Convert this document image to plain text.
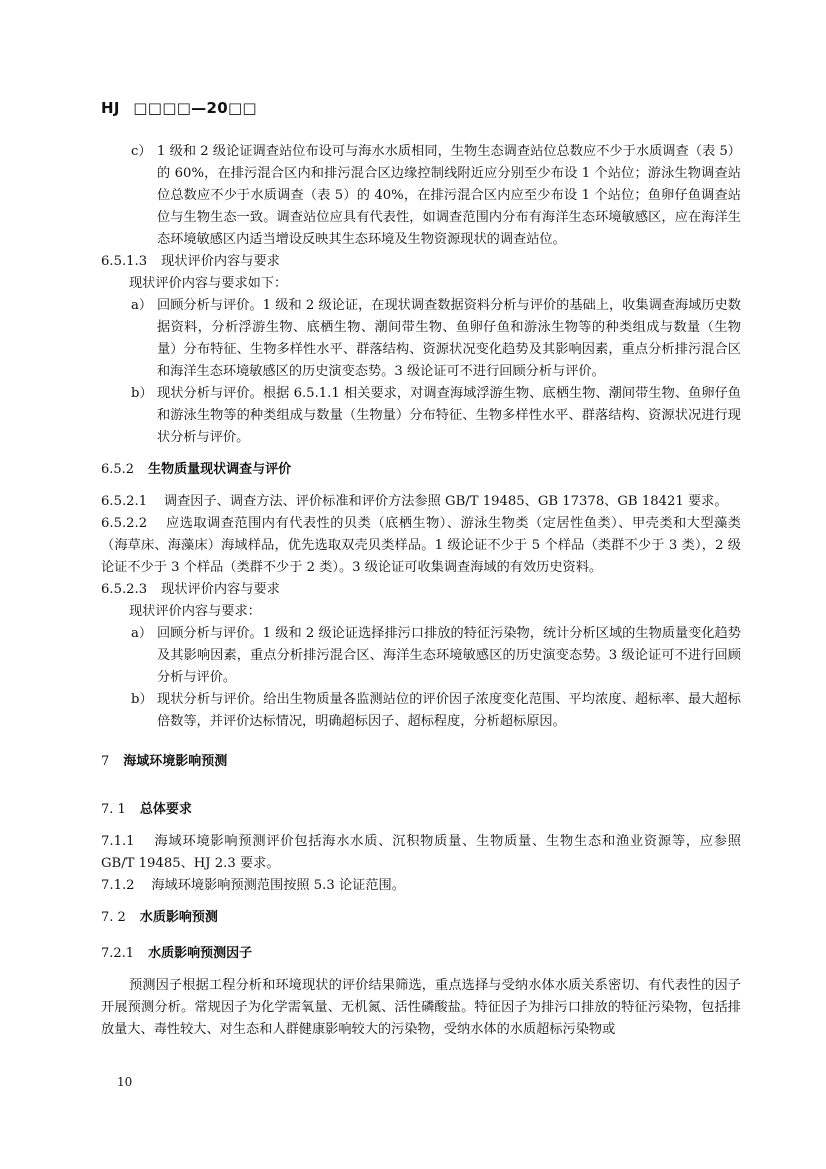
HJ □□□□—20□□
c） 1 级和 2 级论证调查站位布设可与海水水质相同，生物生态调查站位总数应不少于水质调查（表 5）的 60%，在排污混合区内和排污混合区边缘控制线附近应分别至少布设 1 个站位；游泳生物调查站位总数应不少于水质调查（表 5）的 40%，在排污混合区内应至少布设 1 个站位；鱼卵仔鱼调查站位与生物生态一致。调查站位应具有代表性，如调查范围内分布有海洋生态环境敏感区，应在海洋生态环境敏感区内适当增设反映其生态环境及生物资源现状的调查站位。
6.5.1.3 现状评价内容与要求

现状评价内容与要求如下：

a） 回顾分析与评价。1 级和 2 级论证，在现状调查数据资料分析与评价的基础上，收集调查海域历史数据资料，分析浮游生物、底栖生物、潮间带生物、鱼卵仔鱼和游泳生物等的种类组成与数量（生物量）分布特征、生物多样性水平、群落结构、资源状况变化趋势及其影响因素，重点分析排污混合区和海洋生态环境敏感区的历史演变态势。3 级论证可不进行回顾分析与评价。
b） 现状分析与评价。根据 6.5.1.1 相关要求，对调查海域浮游生物、底栖生物、潮间带生物、鱼卵仔鱼和游泳生物等的种类组成与数量（生物量）分布特征、生物多样性水平、群落结构、资源状况进行现状分析与评价。
6.5.2 生物质量现状调查与评价

6.5.2.1 调查因子、调查方法、评价标准和评价方法参照 GB/T 19485、GB 17378、GB 18421 要求。

6.5.2.2 应选取调查范围内有代表性的贝类（底栖生物）、游泳生物类（定居性鱼类）、甲壳类和大型藻类（海草床、海藻床）海域样品，优先选取双壳贝类样品。1 级论证不少于 5 个样品（类群不少于 3 类），2 级论证不少于 3 个样品（类群不少于 2 类）。3 级论证可收集调查海域的有效历史资料。

6.5.2.3 现状评价内容与要求

现状评价内容与要求：

a） 回顾分析与评价。1 级和 2 级论证选择排污口排放的特征污染物，统计分析区域的生物质量变化趋势及其影响因素，重点分析排污混合区、海洋生态环境敏感区的历史演变态势。3 级论证可不进行回顾分析与评价。
b） 现状分析与评价。给出生物质量各监测站位的评价因子浓度变化范围、平均浓度、超标率、最大超标倍数等，并评价达标情况，明确超标因子、超标程度，分析超标原因。
7 海域环境影响预测
7. 1 总体要求

7.1.1 海域环境影响预测评价包括海水水质、沉积物质量、生物质量、生物生态和渔业资源等，应参照 GB/T 19485、HJ 2.3 要求。

7.1.2 海域环境影响预测范围按照 5.3 论证范围。

7. 2 水质影响预测
7.2.1 水质影响预测因子

预测因子根据工程分析和环境现状的评价结果筛选，重点选择与受纳水体水质关系密切、有代表性的因子开展预测分析。常规因子为化学需氧量、无机氮、活性磷酸盐。特征因子为排污口排放的特征污染物，包括排放量大、毒性较大、对生态和人群健康影响较大的污染物，受纳水体的水质超标污染物或

10
